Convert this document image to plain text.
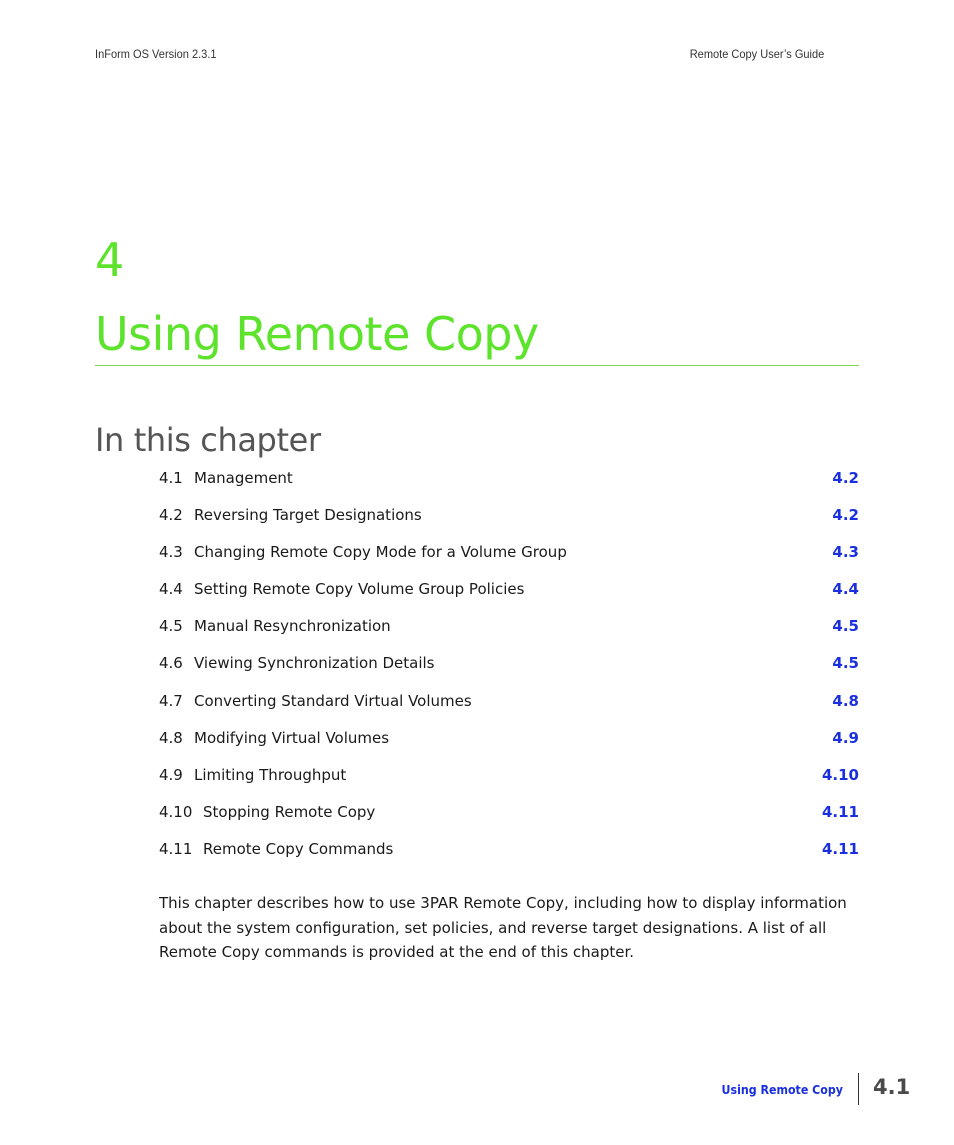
InForm OS Version 2.3.1	Remote Copy User’s Guide
4
Using Remote Copy
In this chapter
4.1 Management	4.2
4.2 Reversing Target Designations	4.2
4.3 Changing Remote Copy Mode for a Volume Group	4.3
4.4 Setting Remote Copy Volume Group Policies	4.4
4.5 Manual Resynchronization	4.5
4.6 Viewing Synchronization Details	4.5
4.7 Converting Standard Virtual Volumes	4.8
4.8 Modifying Virtual Volumes	4.9
4.9 Limiting Throughput	4.10
4.10 Stopping Remote Copy	4.11
4.11 Remote Copy Commands	4.11

This chapter describes how to use 3PAR Remote Copy, including how to display information about the system configuration, set policies, and reverse target designations. A list of all Remote Copy commands is provided at the end of this chapter.

Using Remote Copy 4.1
